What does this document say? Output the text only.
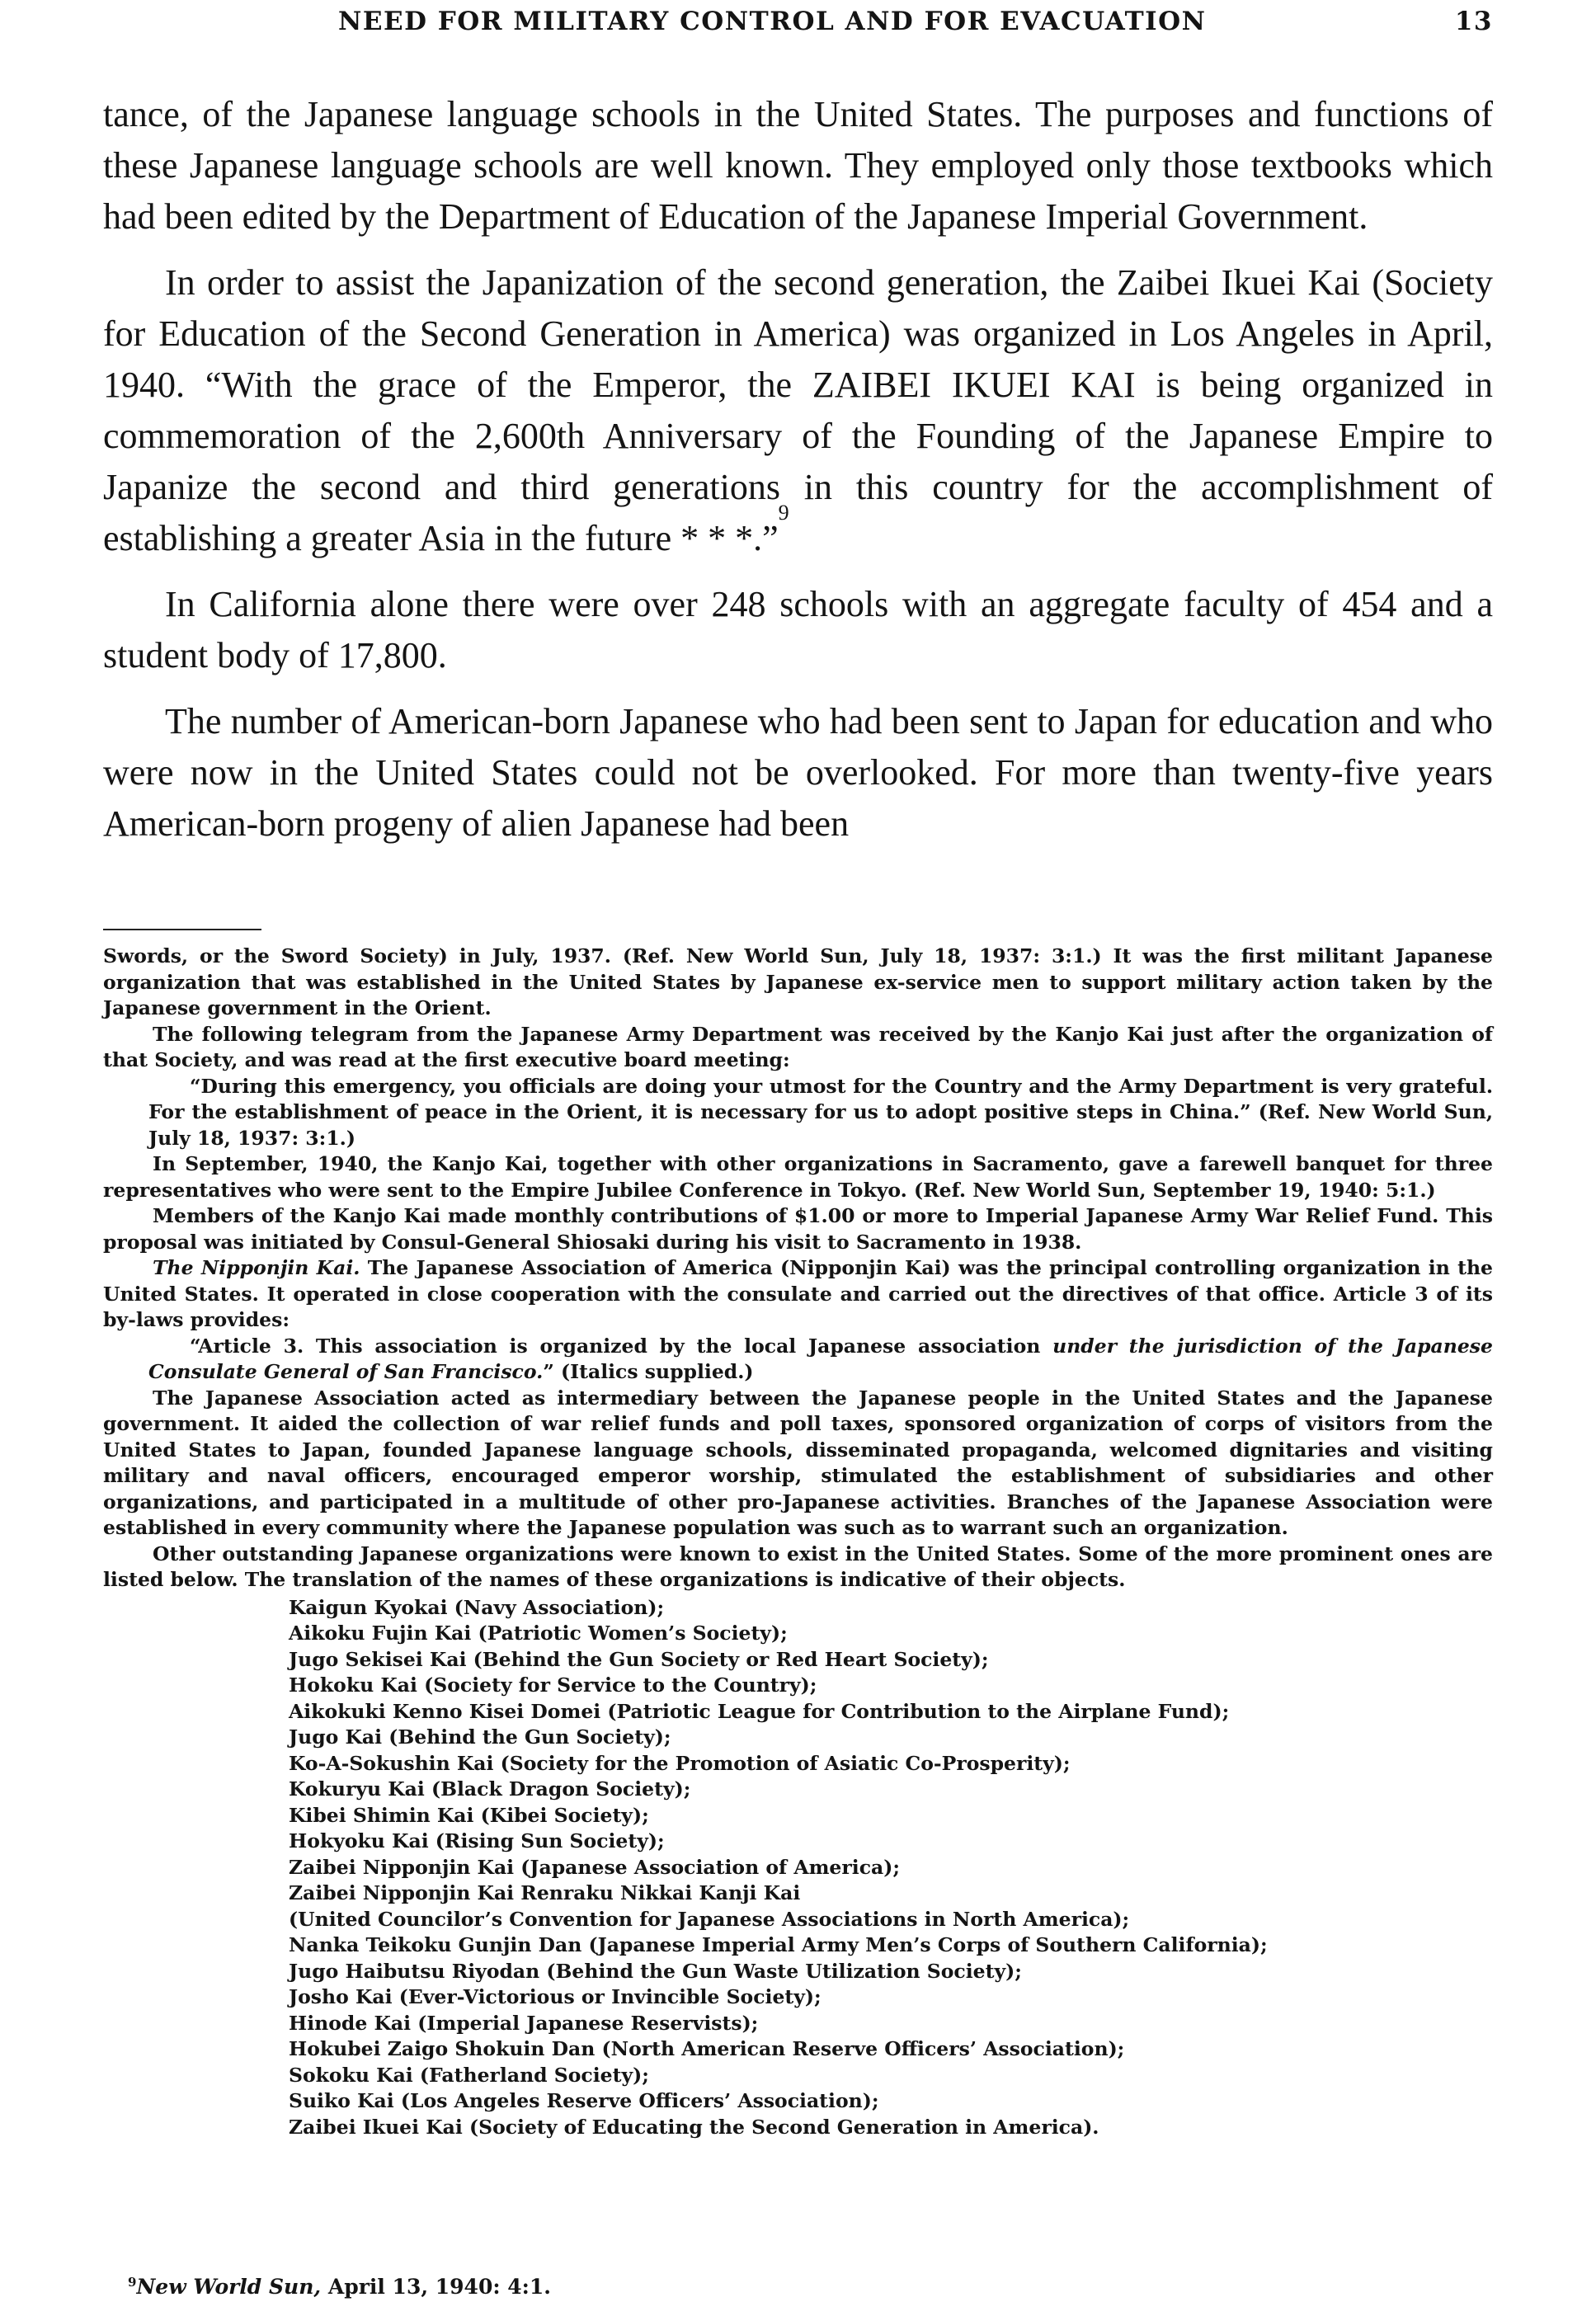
NEED FOR MILITARY CONTROL AND FOR EVACUATION	13

tance, of the Japanese language schools in the United States. The purposes and functions of these Japanese language schools are well known. They employed only those textbooks which had been edited by the Department of Education of the Japanese Imperial Government.

In order to assist the Japanization of the second generation, the Zaibei Ikuei Kai (Society for Education of the Second Generation in America) was organized in Los Angeles in April, 1940. “With the grace of the Emperor, the ZAIBEI IKUEI KAI is being organized in commemoration of the 2,600th Anniversary of the Founding of the Japanese Empire to Japanize the second and third generations in this country for the accomplishment of establishing a greater Asia in the future * * *.”$^9$

In California alone there were over 248 schools with an aggregate faculty of 454 and a student body of 17,800.

The number of American-born Japanese who had been sent to Japan for education and who were now in the United States could not be overlooked. For more than twenty-five years American-born progeny of alien Japanese had been

Swords, or the Sword Society) in July, 1937. (Ref. New World Sun, July 18, 1937: 3:1.) It was the first militant Japanese organization that was established in the United States by Japanese ex-service men to support military action taken by the Japanese government in the Orient.

The following telegram from the Japanese Army Department was received by the Kanjo Kai just after the organization of that Society, and was read at the first executive board meeting:

“During this emergency, you officials are doing your utmost for the Country and the Army Department is very grateful. For the establishment of peace in the Orient, it is necessary for us to adopt positive steps in China.” (Ref. New World Sun, July 18, 1937: 3:1.)

In September, 1940, the Kanjo Kai, together with other organizations in Sacramento, gave a farewell banquet for three representatives who were sent to the Empire Jubilee Conference in Tokyo. (Ref. New World Sun, September 19, 1940: 5:1.)

Members of the Kanjo Kai made monthly contributions of $1.00 or more to Imperial Japanese Army War Relief Fund. This proposal was initiated by Consul-General Shiosaki during his visit to Sacramento in 1938.

The Nipponjin Kai. The Japanese Association of America (Nipponjin Kai) was the principal controlling organization in the United States. It operated in close cooperation with the consulate and carried out the directives of that office. Article 3 of its by-laws provides:

“Article 3. This association is organized by the local Japanese association under the jurisdiction of the Japanese Consulate General of San Francisco.” (Italics supplied.)

The Japanese Association acted as intermediary between the Japanese people in the United States and the Japanese government. It aided the collection of war relief funds and poll taxes, sponsored organization of corps of visitors from the United States to Japan, founded Japanese language schools, disseminated propaganda, welcomed dignitaries and visiting military and naval officers, encouraged emperor worship, stimulated the establishment of subsidiaries and other organizations, and participated in a multitude of other pro-Japanese activities. Branches of the Japanese Association were established in every community where the Japanese population was such as to warrant such an organization.

Other outstanding Japanese organizations were known to exist in the United States. Some of the more prominent ones are listed below. The translation of the names of these organizations is indicative of their objects.

Kaigun Kyokai (Navy Association);
Aikoku Fujin Kai (Patriotic Women’s Society);
Jugo Sekisei Kai (Behind the Gun Society or Red Heart Society);
Hokoku Kai (Society for Service to the Country);
Aikokuki Kenno Kisei Domei (Patriotic League for Contribution to the Airplane Fund);
Jugo Kai (Behind the Gun Society);
Ko-A-Sokushin Kai (Society for the Promotion of Asiatic Co-Prosperity);
Kokuryu Kai (Black Dragon Society);
Kibei Shimin Kai (Kibei Society);
Hokyoku Kai (Rising Sun Society);
Zaibei Nipponjin Kai (Japanese Association of America);
Zaibei Nipponjin Kai Renraku Nikkai Kanji Kai
(United Councilor’s Convention for Japanese Associations in North America);
Nanka Teikoku Gunjin Dan (Japanese Imperial Army Men’s Corps of Southern California);
Jugo Haibutsu Riyodan (Behind the Gun Waste Utilization Society);
Josho Kai (Ever-Victorious or Invincible Society);
Hinode Kai (Imperial Japanese Reservists);
Hokubei Zaigo Shokuin Dan (North American Reserve Officers’ Association);
Sokoku Kai (Fatherland Society);
Suiko Kai (Los Angeles Reserve Officers’ Association);
Zaibei Ikuei Kai (Society of Educating the Second Generation in America).
$^9$New World Sun, April 13, 1940: 4:1.
